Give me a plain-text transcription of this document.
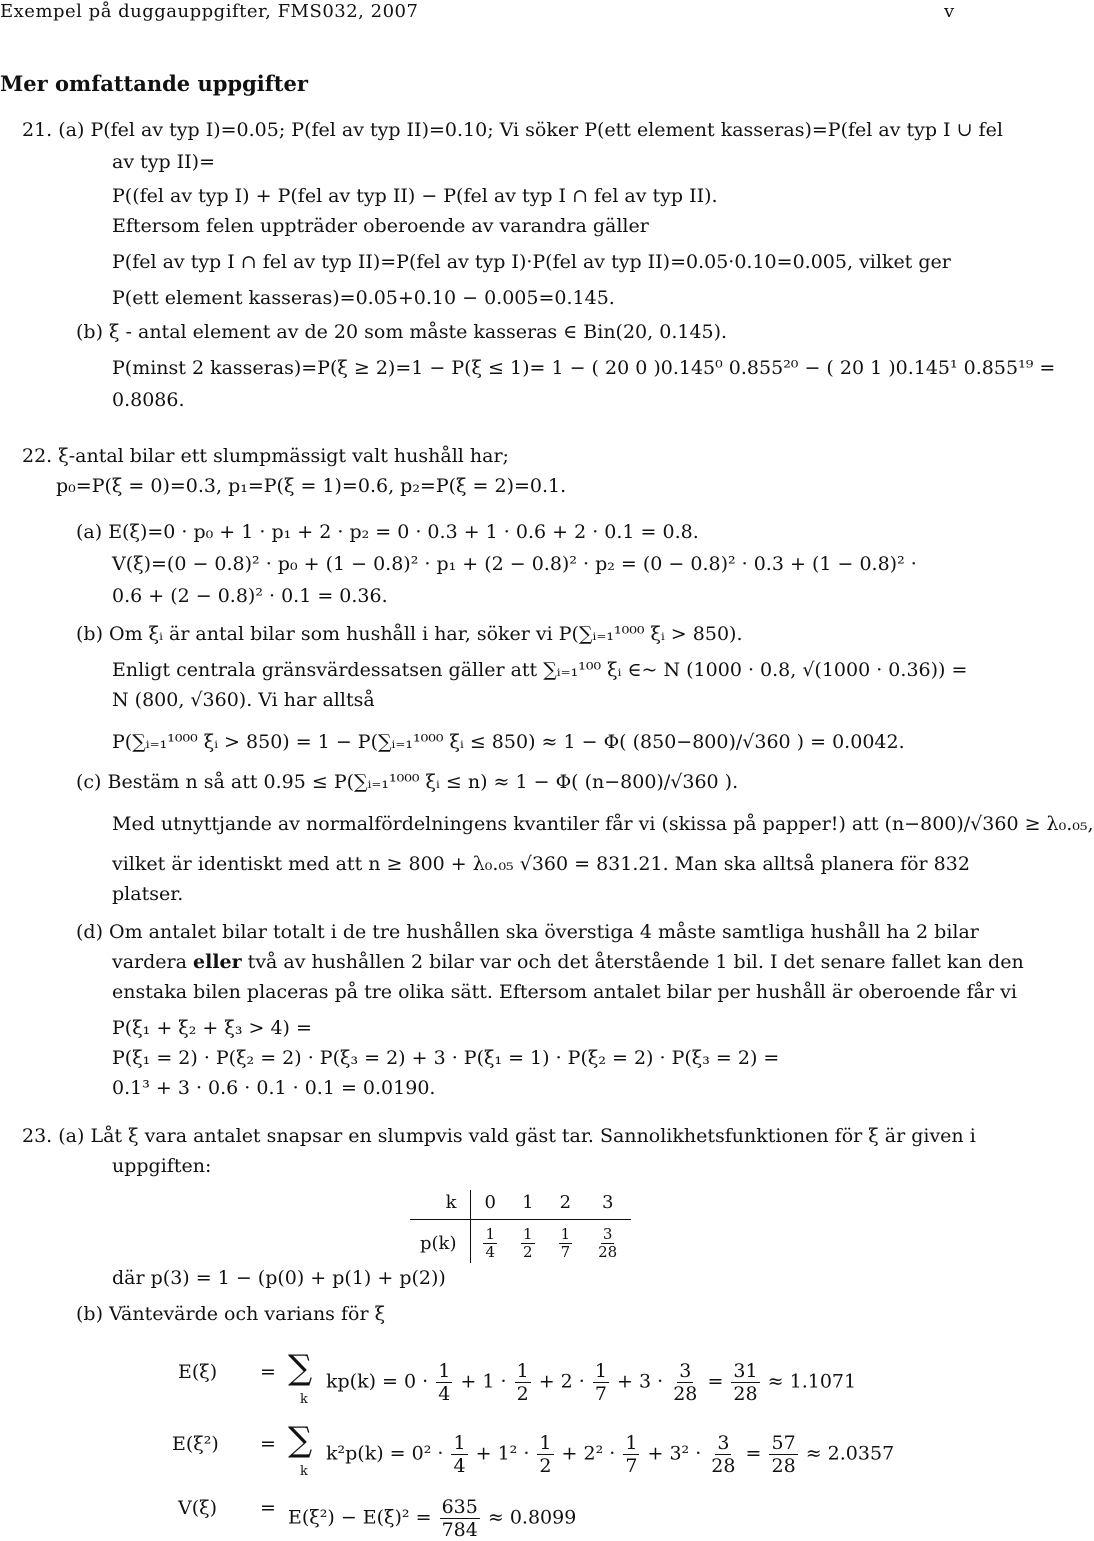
Exempel på duggauppgifter, FMS032, 2007	v
Mer omfattande uppgifter
21. (a) P(fel av typ I)=0.05; P(fel av typ II)=0.10; Vi söker P(ett element kasseras)=P(fel av typ I ∪ fel
av typ II)=
P((fel av typ I) + P(fel av typ II) − P(fel av typ I ∩ fel av typ II).
Eftersom felen uppträder oberoende av varandra gäller
P(fel av typ I ∩ fel av typ II)=P(fel av typ I)·P(fel av typ II)=0.05·0.10=0.005, vilket ger
P(ett element kasseras)=0.05+0.10 − 0.005=0.145.
(b) ξ - antal element av de 20 som måste kasseras ∈ Bin(20, 0.145).
P(minst 2 kasseras)=P(ξ ≥ 2)=1 − P(ξ ≤ 1)= 1 − ( 20 0 )0.145⁰ 0.855²⁰ − ( 20 1 )0.145¹ 0.855¹⁹ =
0.8086.
22. ξ-antal bilar ett slumpmässigt valt hushåll har;
p₀=P(ξ = 0)=0.3, p₁=P(ξ = 1)=0.6, p₂=P(ξ = 2)=0.1.
(a) E(ξ)=0 · p₀ + 1 · p₁ + 2 · p₂ = 0 · 0.3 + 1 · 0.6 + 2 · 0.1 = 0.8.
V(ξ)=(0 − 0.8)² · p₀ + (1 − 0.8)² · p₁ + (2 − 0.8)² · p₂ = (0 − 0.8)² · 0.3 + (1 − 0.8)² ·
0.6 + (2 − 0.8)² · 0.1 = 0.36.
(b) Om ξᵢ är antal bilar som hushåll i har, söker vi P(∑ᵢ₌₁¹⁰⁰⁰ ξᵢ > 850).
Enligt centrala gränsvärdessatsen gäller att ∑ᵢ₌₁¹⁰⁰ ξᵢ ∈~ N (1000 · 0.8, √(1000 · 0.36)) =
N (800, √360). Vi har alltså
P(∑ᵢ₌₁¹⁰⁰⁰ ξᵢ > 850) = 1 − P(∑ᵢ₌₁¹⁰⁰⁰ ξᵢ ≤ 850) ≈ 1 − Φ( (850−800)/√360 ) = 0.0042.
(c) Bestäm n så att 0.95 ≤ P(∑ᵢ₌₁¹⁰⁰⁰ ξᵢ ≤ n) ≈ 1 − Φ( (n−800)/√360 ).
Med utnyttjande av normalfördelningens kvantiler får vi (skissa på papper!) att (n−800)/√360 ≥ λ₀.₀₅,
vilket är identiskt med att n ≥ 800 + λ₀.₀₅ √360 = 831.21. Man ska alltså planera för 832
platser.
(d) Om antalet bilar totalt i de tre hushållen ska överstiga 4 måste samtliga hushåll ha 2 bilar
vardera eller två av hushållen 2 bilar var och det återstående 1 bil. I det senare fallet kan den
enstaka bilen placeras på tre olika sätt. Eftersom antalet bilar per hushåll är oberoende får vi
P(ξ₁ + ξ₂ + ξ₃ > 4) =
P(ξ₁ = 2) · P(ξ₂ = 2) · P(ξ₃ = 2) + 3 · P(ξ₁ = 1) · P(ξ₂ = 2) · P(ξ₃ = 2) =
0.1³ + 3 · 0.6 · 0.1 · 0.1 = 0.0190.
23. (a) Låt ξ vara antalet snapsar en slumpvis vald gäst tar. Sannolikhetsfunktionen för ξ är given i
uppgiften:
k	0	1	2	3
p(k)	$\frac{1}{4}$	$\frac{1}{2}$	$\frac{1}{7}$	$\frac{3}{28}$
där p(3) = 1 − (p(0) + p(1) + p(2))
(b) Väntevärde och varians för ξ
E(ξ) = ∑
k
$kp(k) = 0 \cdot \frac{1}{4} + 1 \cdot \frac{1}{2} + 2 \cdot \frac{1}{7} + 3 \cdot \frac{3}{28} = \frac{31}{28} \approx 1.1071$
E(ξ²) = ∑
k
$k^2p(k) = 0^2 \cdot \frac{1}{4} + 1^2 \cdot \frac{1}{2} + 2^2 \cdot \frac{1}{7} + 3^2 \cdot \frac{3}{28} = \frac{57}{28} \approx 2.0357$
$V(\xi) = E(\xi^2) - E(\xi)^2 = \frac{635}{784} \approx 0.8099$
